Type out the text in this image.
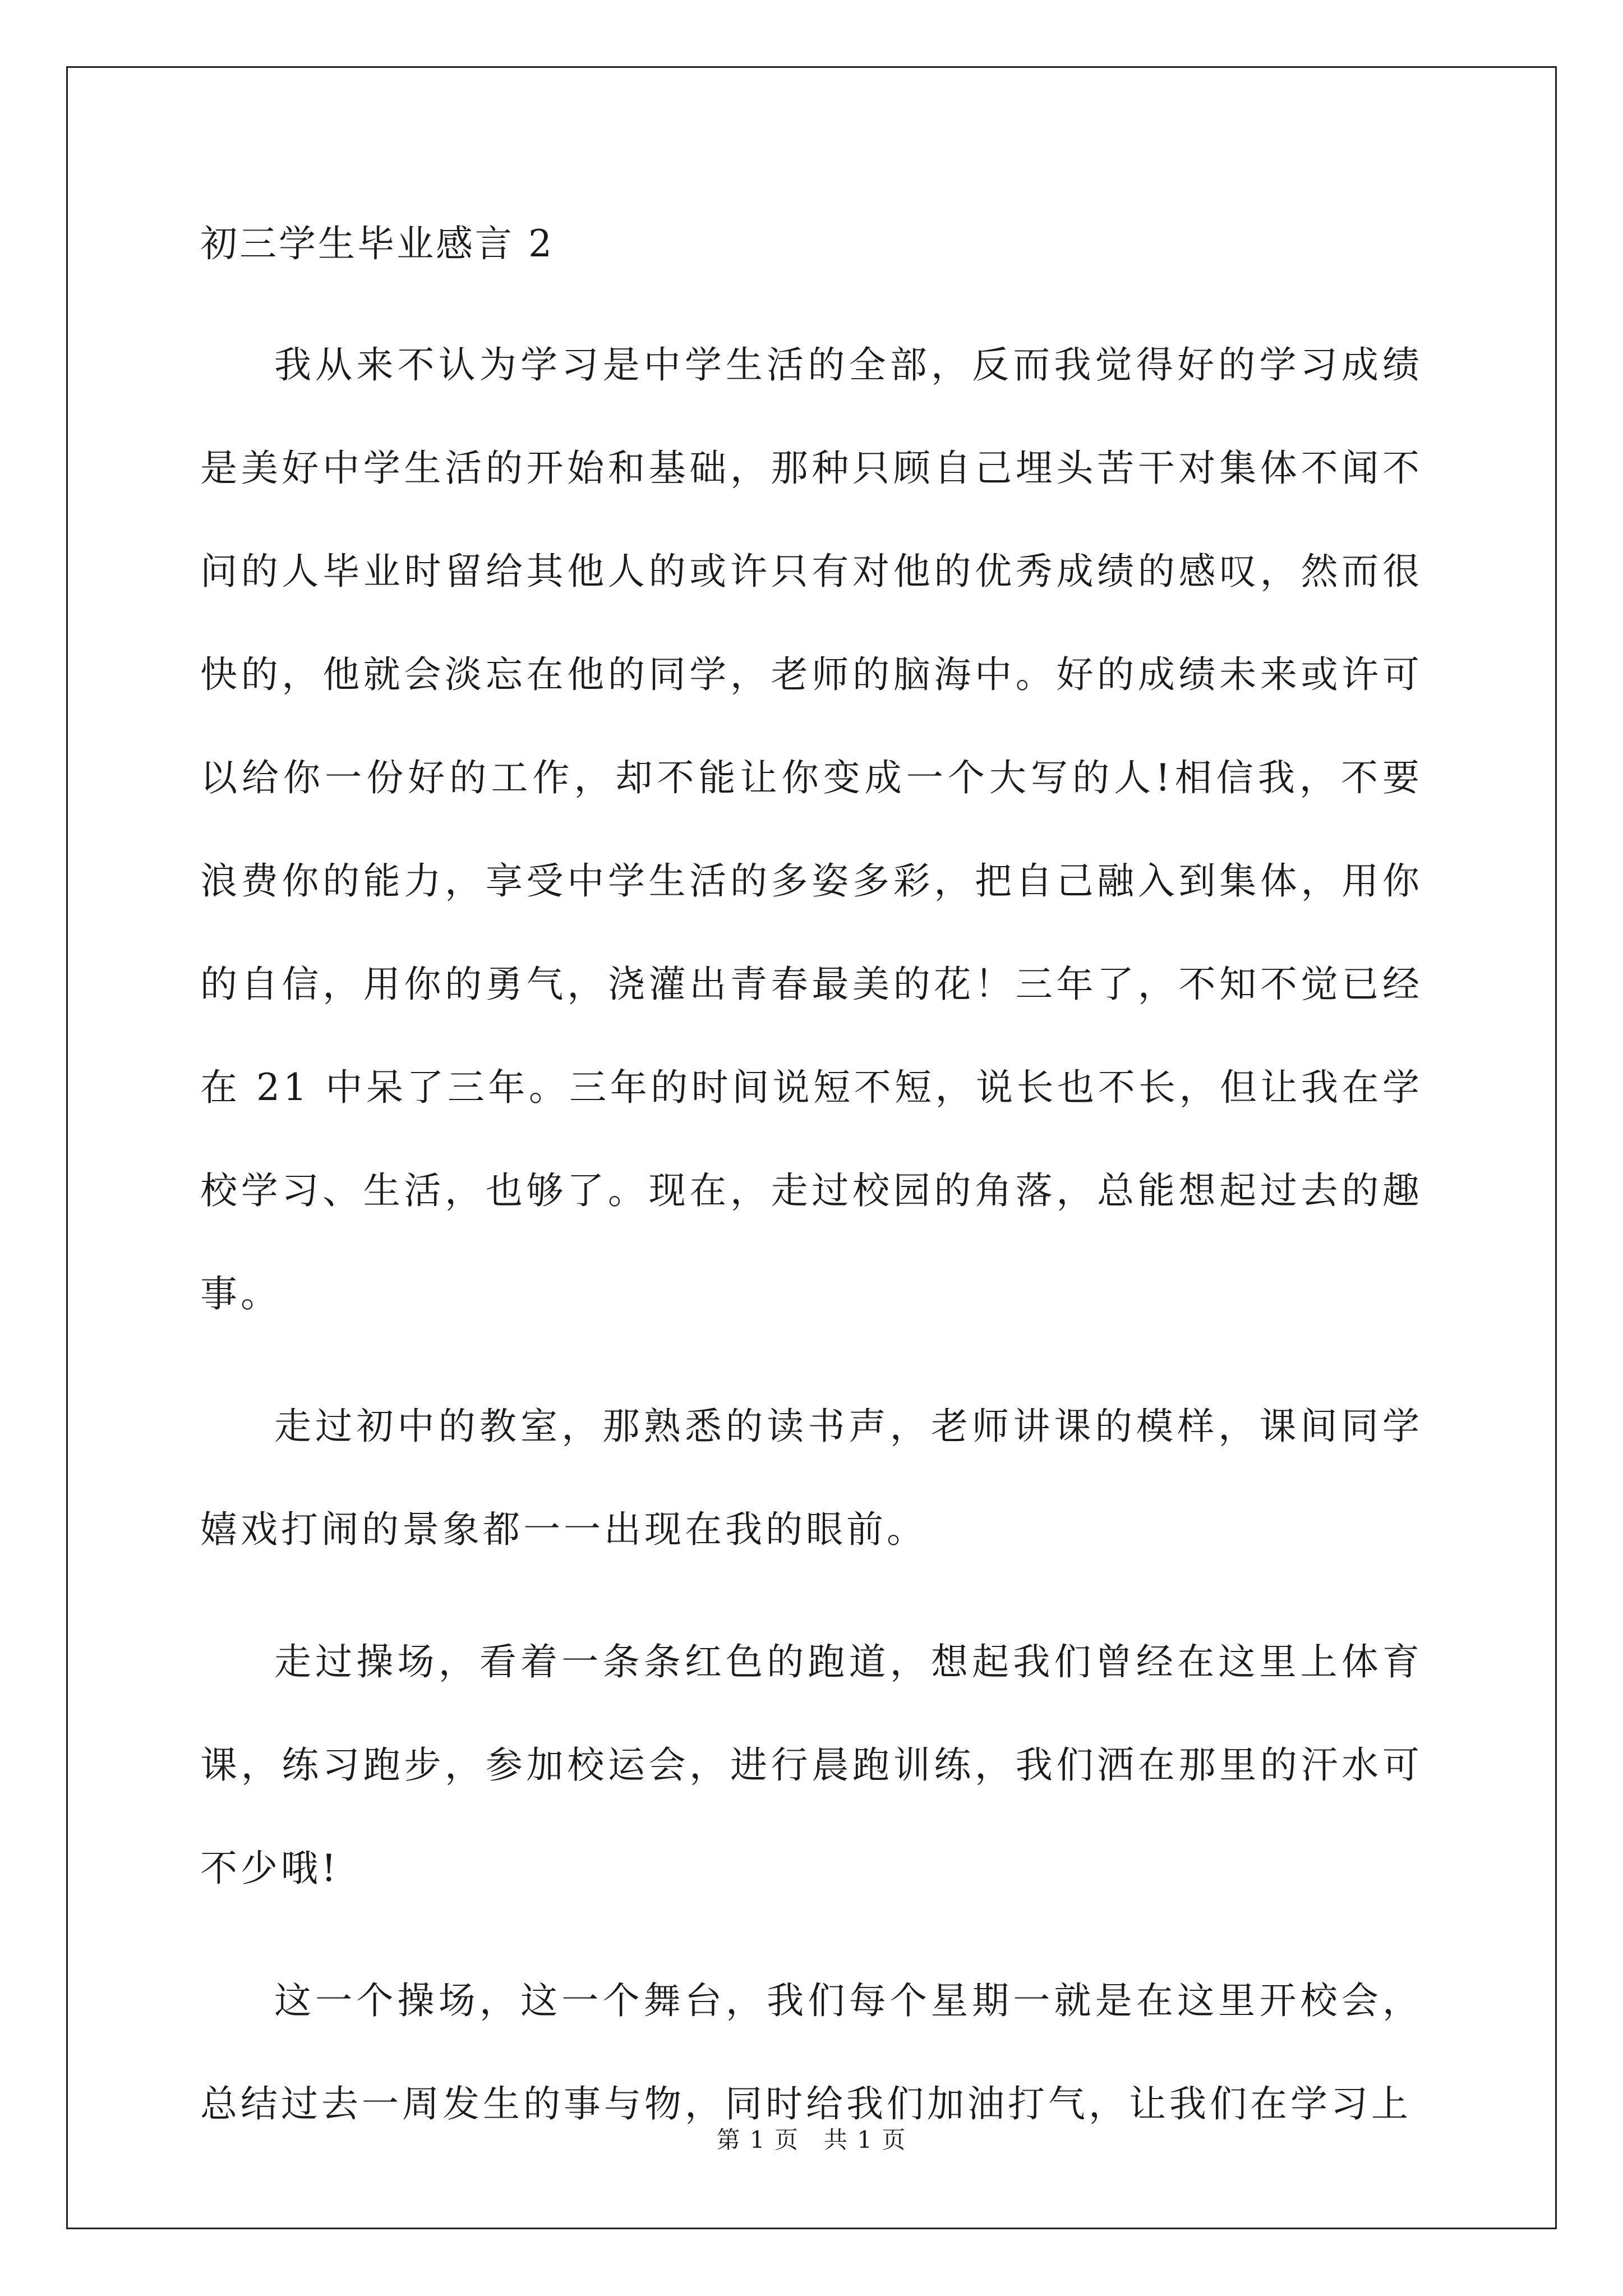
初三学生毕业感言 2

我从来不认为学习是中学生活的全部，反而我觉得好的学习成绩是美好中学生活的开始和基础，那种只顾自己埋头苦干对集体不闻不问的人毕业时留给其他人的或许只有对他的优秀成绩的感叹，然而很快的，他就会淡忘在他的同学，老师的脑海中。好的成绩未来或许可以给你一份好的工作，却不能让你变成一个大写的人!相信我，不要浪费你的能力，享受中学生活的多姿多彩，把自己融入到集体，用你的自信，用你的勇气，浇灌出青春最美的花！三年了，不知不觉已经在 21 中呆了三年。三年的时间说短不短，说长也不长，但让我在学校学习、生活，也够了。现在，走过校园的角落，总能想起过去的趣事。

走过初中的教室，那熟悉的读书声，老师讲课的模样，课间同学嬉戏打闹的景象都一一出现在我的眼前。

走过操场，看着一条条红色的跑道，想起我们曾经在这里上体育课，练习跑步，参加校运会，进行晨跑训练，我们洒在那里的汗水可不少哦!

这一个操场，这一个舞台，我们每个星期一就是在这里开校会，总结过去一周发生的事与物，同时给我们加油打气，让我们在学习上

第 1 页　共 1 页
